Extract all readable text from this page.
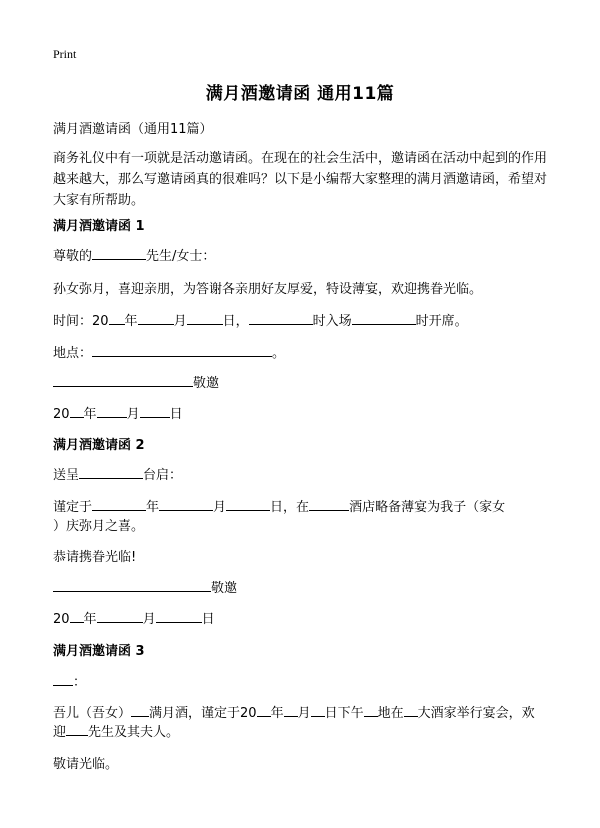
Print
满月酒邀请函 通用11篇
满月酒邀请函（通用11篇）
商务礼仪中有一项就是活动邀请函。在现在的社会生活中，邀请函在活动中起到的作用越来越大，那么写邀请函真的很难吗？以下是小编帮大家整理的满月酒邀请函，希望对大家有所帮助。
满月酒邀请函 1
尊敬的	先生/女士：
孙女弥月，喜迎亲朋，为答谢各亲朋好友厚爱，特设薄宴，欢迎携眷光临。
时间：20 年	月	日，	时入场	时开席。
地点：	。
敬邀
20 年 月 日
满月酒邀请函 2
送呈	台启：
谨定于	年	月	日，在	酒店略备薄宴为我子（家女
）庆弥月之喜。
恭请携眷光临!
敬邀
20 年	月	日
满月酒邀请函 3
：
吾儿（吾女） 满月酒，谨定于20 年 月 日下午 地在 大酒家举行宴会，欢
迎 先生及其夫人。
敬请光临。
